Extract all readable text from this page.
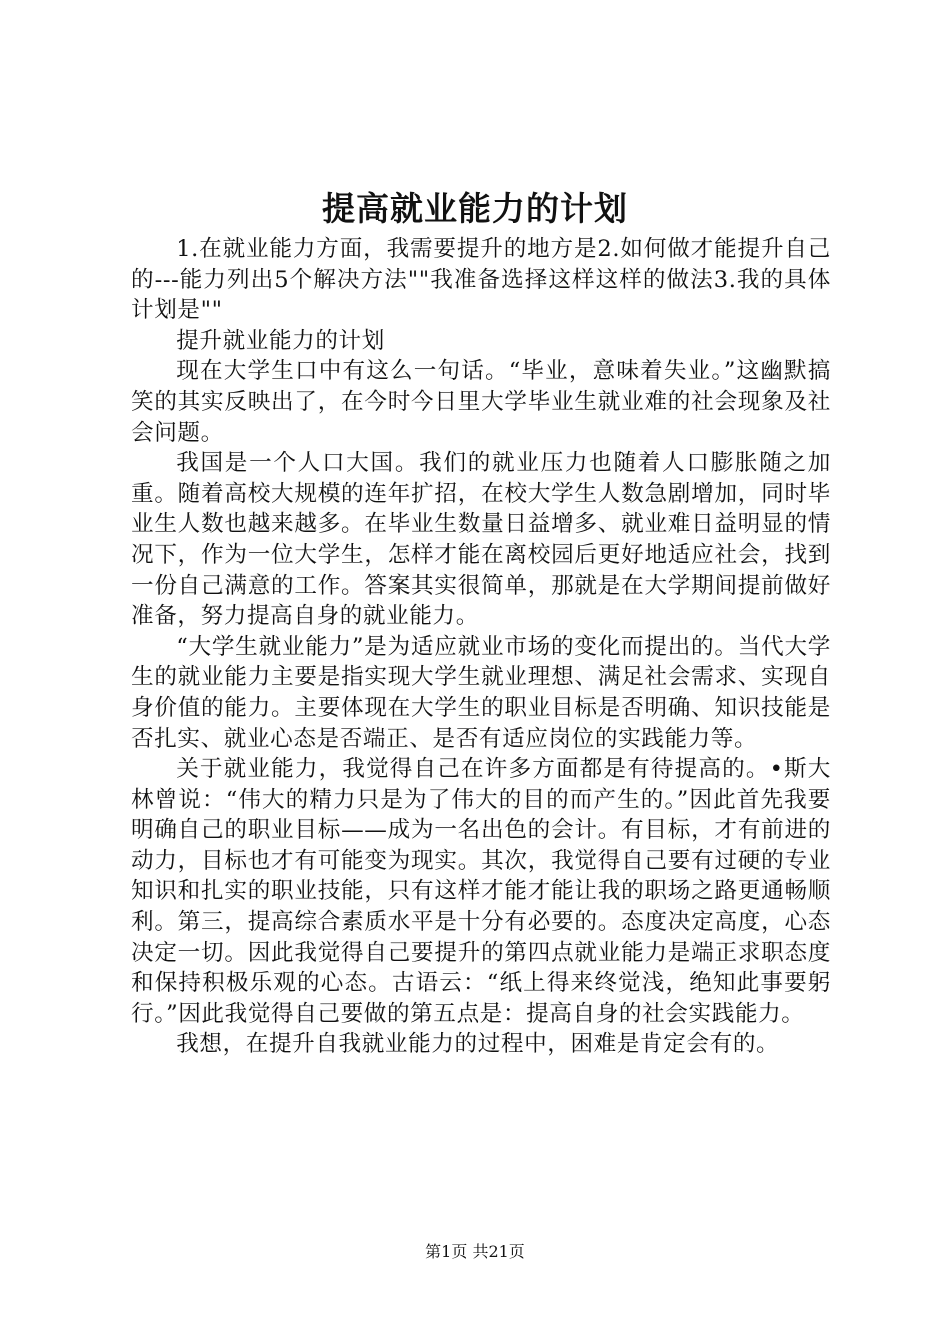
提高就业能力的计划

1.在就业能力方面，我需要提升的地方是2.如何做才能提升自己的---能力列出5个解决方法""我准备选择这样这样的做法3.我的具体计划是""

提升就业能力的计划

现在大学生口中有这么一句话。“毕业，意味着失业。”这幽默搞笑的其实反映出了，在今时今日里大学毕业生就业难的社会现象及社会问题。

我国是一个人口大国。我们的就业压力也随着人口膨胀随之加重。随着高校大规模的连年扩招，在校大学生人数急剧增加，同时毕业生人数也越来越多。在毕业生数量日益增多、就业难日益明显的情况下，作为一位大学生，怎样才能在离校园后更好地适应社会，找到一份自己满意的工作。答案其实很简单，那就是在大学期间提前做好准备，努力提高自身的就业能力。

“大学生就业能力”是为适应就业市场的变化而提出的。当代大学生的就业能力主要是指实现大学生就业理想、满足社会需求、实现自身价值的能力。主要体现在大学生的职业目标是否明确、知识技能是否扎实、就业心态是否端正、是否有适应岗位的实践能力等。

关于就业能力，我觉得自己在许多方面都是有待提高的。•斯大林曾说：“伟大的精力只是为了伟大的目的而产生的。”因此首先我要明确自己的职业目标——成为一名出色的会计。有目标，才有前进的动力，目标也才有可能变为现实。其次，我觉得自己要有过硬的专业知识和扎实的职业技能，只有这样才能才能让我的职场之路更通畅顺利。第三，提高综合素质水平是十分有必要的。态度决定高度，心态决定一切。因此我觉得自己要提升的第四点就业能力是端正求职态度和保持积极乐观的心态。古语云：“纸上得来终觉浅，绝知此事要躬行。”因此我觉得自己要做的第五点是：提高自身的社会实践能力。

我想，在提升自我就业能力的过程中，困难是肯定会有的。

第1页 共21页
